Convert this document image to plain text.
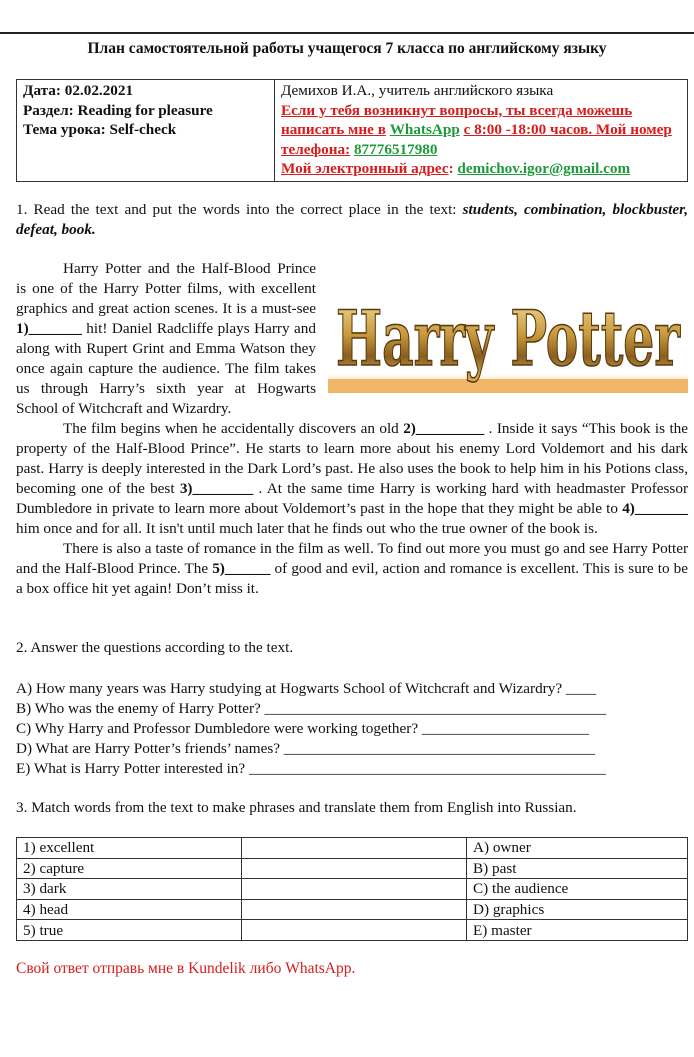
План самостоятельной работы учащегося 7 класса по английскому языку
Дата: 02.02.2021
Раздел: Reading for pleasure
Тема урока: Self-check

Демихов И.А., учитель английского языка
Если у тебя возникнут вопросы, ты всегда можешь написать мне в WhatsApp с 8:00 -18:00 часов. Мой номер телефона: 87776517980
Мой электронный адрес: demichov.igor@gmail.com
1. Read the text and put the words into the correct place in the text: students, combination, blockbuster, defeat, book.
Harry Potter

Harry Potter and the Half-Blood Prince is one of the Harry Potter films, with excellent graphics and great action scenes. It is a must-see 1)_______ hit! Daniel Radcliffe plays Harry and along with Rupert Grint and Emma Watson they once again capture the audience. The film takes us through Harry’s sixth year at Hogwarts School of Witchcraft and Wizardry.

The film begins when he accidentally discovers an old 2)_________ . Inside it says “This book is the property of the Half-Blood Prince”. He starts to learn more about his enemy Lord Voldemort and his dark past. Harry is deeply interested in the Dark Lord’s past. He also uses the book to help him in his Potions class, becoming one of the best 3)________ . At the same time Harry is working hard with headmaster Professor Dumbledore in private to learn more about Voldemort’s past in the hope that they might be able to 4)_______ him once and for all. It isn't until much later that he finds out who the true owner of the book is.

There is also a taste of romance in the film as well. To find out more you must go and see Harry Potter and the Half-Blood Prince. The 5)______ of good and evil, action and romance is excellent. This is sure to be a box office hit yet again! Don’t miss it.

2. Answer the questions according to the text.
A) How many years was Harry studying at Hogwarts School of Witchcraft and Wizardry? ____
B) Who was the enemy of Harry Potter? _____________________________________________
C) Why Harry and Professor Dumbledore were working together? ______________________
D) What are Harry Potter’s friends’ names? _________________________________________
E) What is Harry Potter interested in? _______________________________________________
3. Match words from the text to make phrases and translate them from English into Russian.
1) excellent		A) owner
2) capture		B) past
3) dark		C) the audience
4) head		D) graphics
5) true		E) master
Свой ответ отправь мне в Kundelik либо WhatsApp.
